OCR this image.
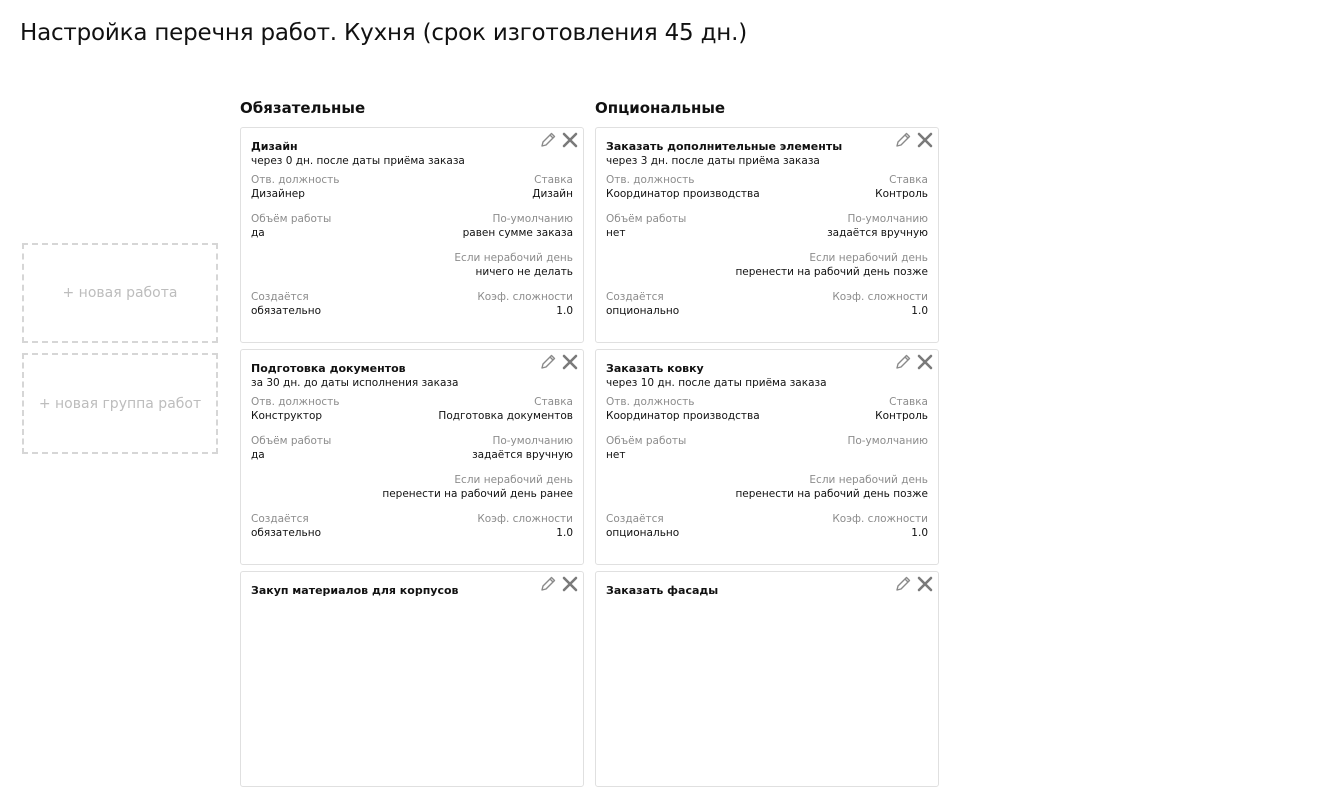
Настройка перечня работ. Кухня (срок изготовления 45 дн.)
+ новая работа
+ новая группа работ
Обязательные
Дизайн
через 0 дн. после даты приёма заказа
Отв. должность
Дизайнер
Ставка
Дизайн
Объём работы
да
По-умолчанию
равен сумме заказа
Если нерабочий день
ничего не делать
Создаётся
обязательно
Коэф. сложности
1.0
Подготовка документов
за 30 дн. до даты исполнения заказа
Отв. должность
Конструктор
Ставка
Подготовка документов
Объём работы
да
По-умолчанию
задаётся вручную
Если нерабочий день
перенести на рабочий день ранее
Создаётся
обязательно
Коэф. сложности
1.0
Закуп материалов для корпусов
Опциональные
Заказать дополнительные элементы
через 3 дн. после даты приёма заказа
Отв. должность
Координатор производства
Ставка
Контроль
Объём работы
нет
По-умолчанию
задаётся вручную
Если нерабочий день
перенести на рабочий день позже
Создаётся
опционально
Коэф. сложности
1.0
Заказать ковку
через 10 дн. после даты приёма заказа
Отв. должность
Координатор производства
Ставка
Контроль
Объём работы
нет
По-умолчанию
Если нерабочий день
перенести на рабочий день позже
Создаётся
опционально
Коэф. сложности
1.0
Заказать фасады
